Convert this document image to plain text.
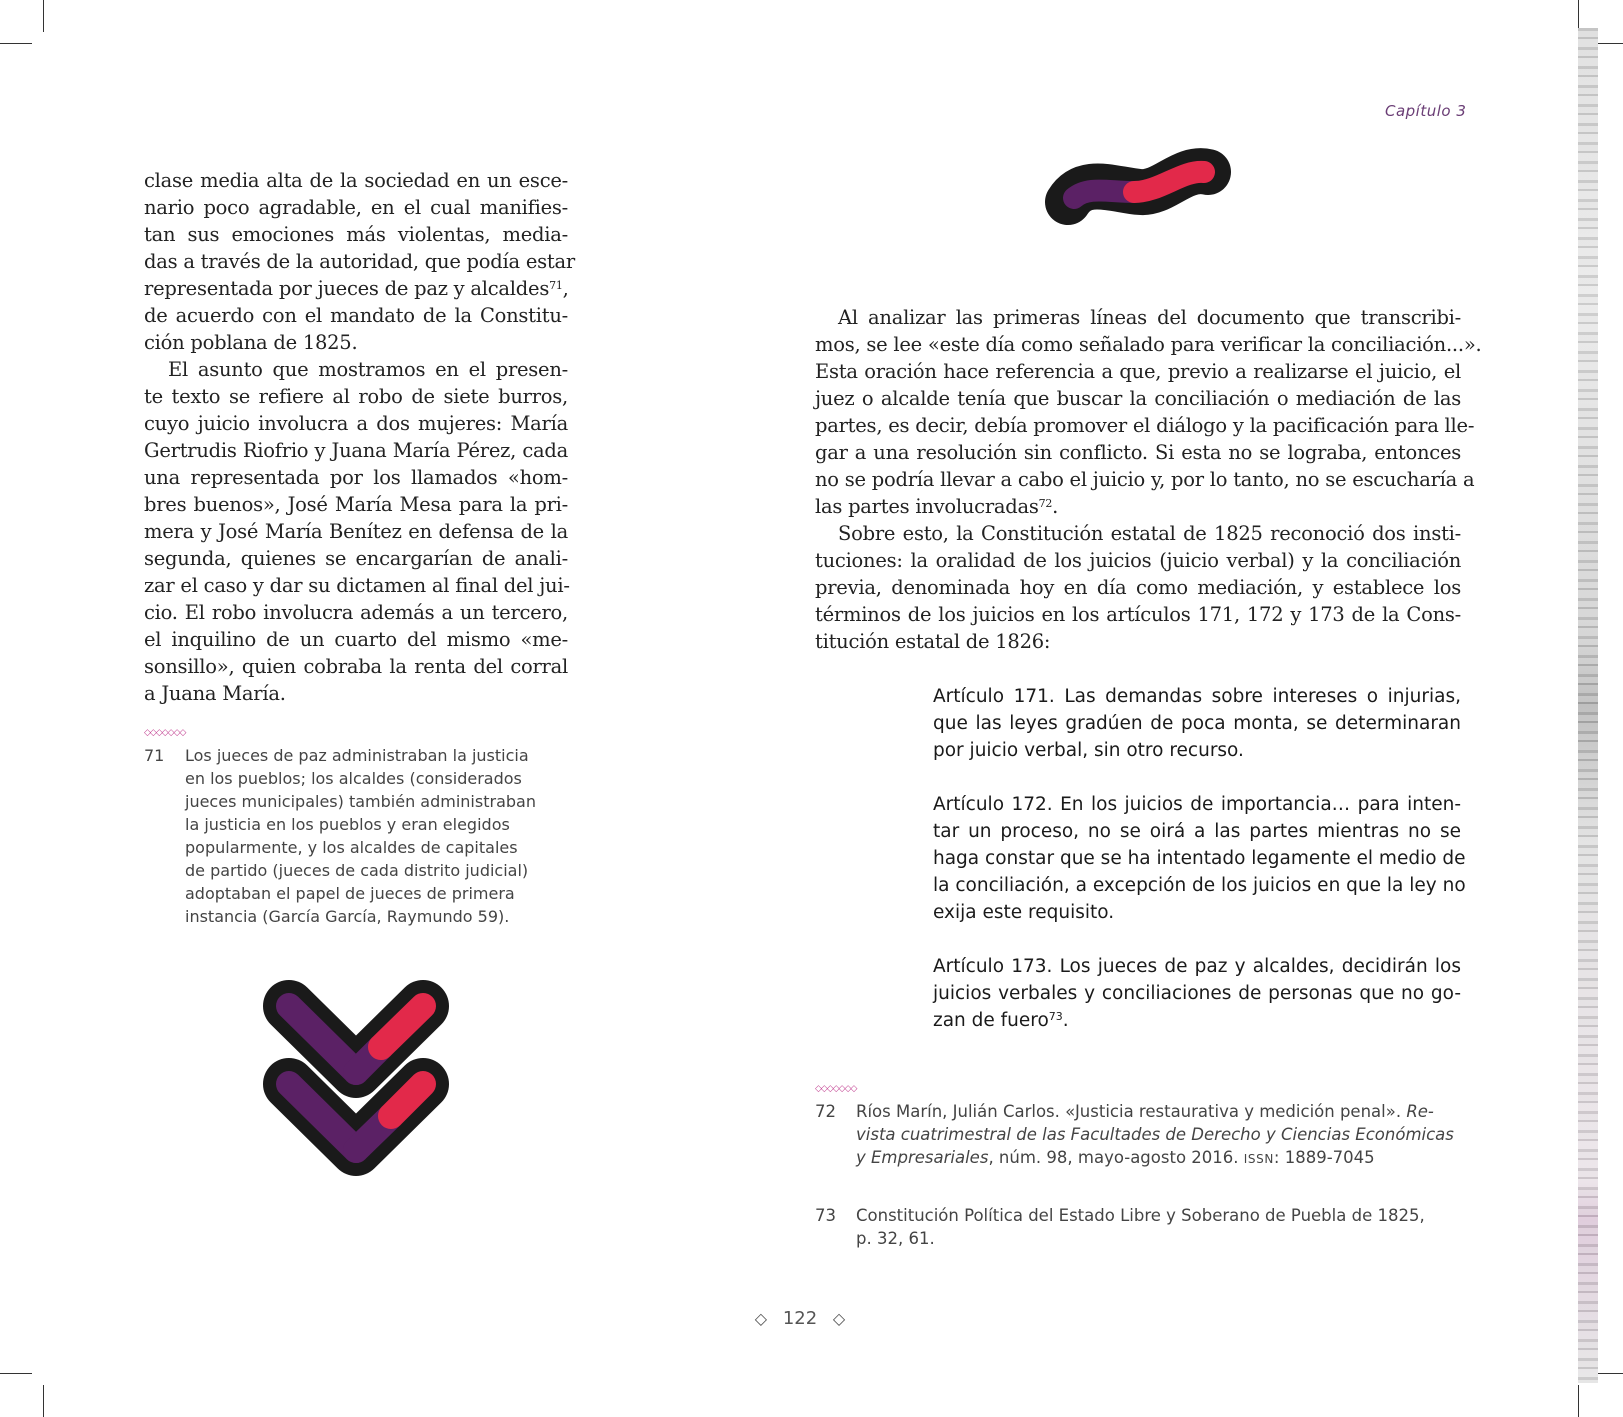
Capítulo 3
clase media alta de la sociedad en un esce-
nario poco agradable, en el cual manifies-
tan sus emociones más violentas, media-
das a través de la autoridad, que podía estar
representada por jueces de paz y alcaldes$^{71}$,
de acuerdo con el mandato de la Constitu-
ción poblana de 1825.
El asunto que mostramos en el presen-
te texto se refiere al robo de siete burros,
cuyo juicio involucra a dos mujeres: María
Gertrudis Riofrio y Juana María Pérez, cada
una representada por los llamados «hom-
bres buenos», José María Mesa para la pri-
mera y José María Benítez en defensa de la
segunda, quienes se encargarían de anali-
zar el caso y dar su dictamen al final del jui-
cio. El robo involucra además a un tercero,
el inquilino de un cuarto del mismo «me-
sonsillo», quien cobraba la renta del corral
a Juana María.
◇◇◇◇◇◇◇
71 Los jueces de paz administraban la justicia
en los pueblos; los alcaldes (considerados
jueces municipales) también administraban
la justicia en los pueblos y eran elegidos
popularmente, y los alcaldes de capitales
de partido (jueces de cada distrito judicial)
adoptaban el papel de jueces de primera
instancia (García García, Raymundo 59).
Al analizar las primeras líneas del documento que transcribi-
mos, se lee «este día como señalado para verificar la conciliación...».
Esta oración hace referencia a que, previo a realizarse el juicio, el
juez o alcalde tenía que buscar la conciliación o mediación de las
partes, es decir, debía promover el diálogo y la pacificación para lle-
gar a una resolución sin conflicto. Si esta no se lograba, entonces
no se podría llevar a cabo el juicio y, por lo tanto, no se escucharía a
las partes involucradas$^{72}$.
Sobre esto, la Constitución estatal de 1825 reconoció dos insti-
tuciones: la oralidad de los juicios (juicio verbal) y la conciliación
previa, denominada hoy en día como mediación, y establece los
términos de los juicios en los artículos 171, 172 y 173 de la Cons-
titución estatal de 1826:
Artículo 171. Las demandas sobre intereses o injurias,
que las leyes gradúen de poca monta, se determinaran
por juicio verbal, sin otro recurso.
Artículo 172. En los juicios de importancia… para inten-
tar un proceso, no se oirá a las partes mientras no se
haga constar que se ha intentado legamente el medio de
la conciliación, a excepción de los juicios en que la ley no
exija este requisito.
Artículo 173. Los jueces de paz y alcaldes, decidirán los
juicios verbales y conciliaciones de personas que no go-
zan de fuero$^{73}$.
◇◇◇◇◇◇◇
72 Ríos Marín, Julián Carlos. «Justicia restaurativa y medición penal». Re-
vista cuatrimestral de las Facultades de Derecho y Ciencias Económicas
y Empresariales, núm. 98, mayo-agosto 2016. ISSN: 1889-7045
73 Constitución Política del Estado Libre y Soberano de Puebla de 1825,
p. 32, 61.
◇ 122 ◇
